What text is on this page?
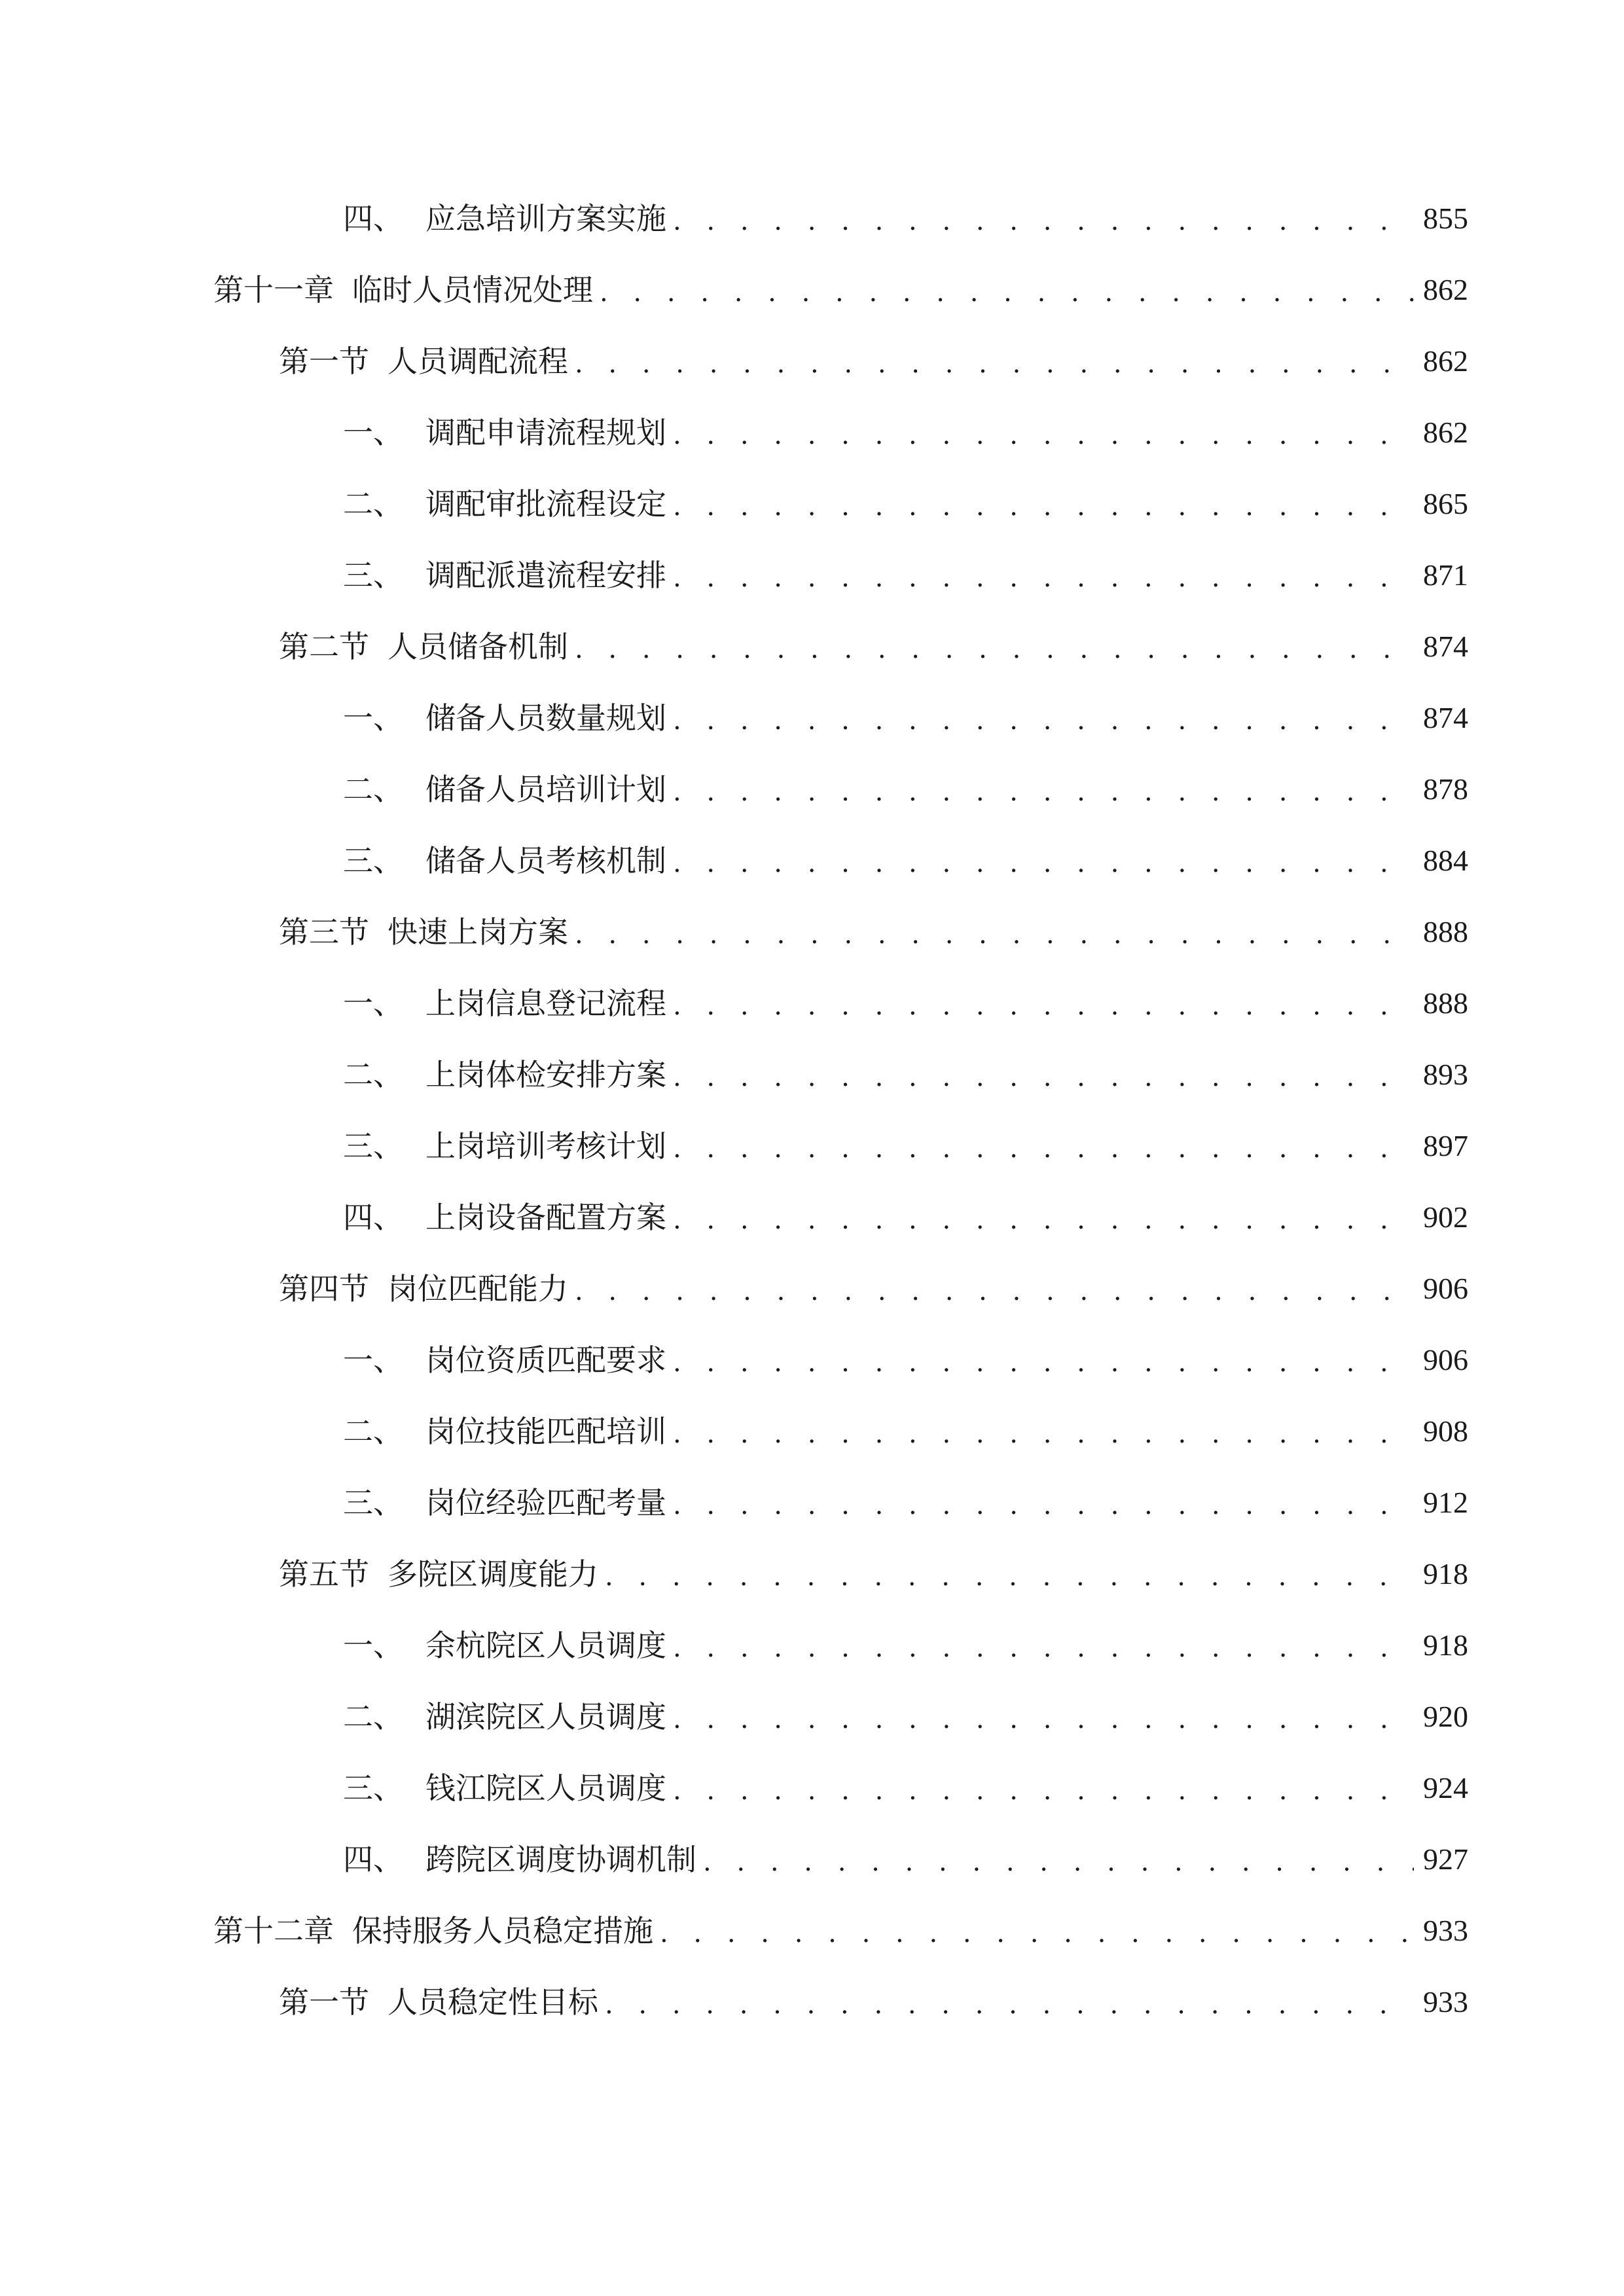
四、 应急培训方案实施 . . .	855
第十一章 临时人员情况处理 . . .	862
第一节 人员调配流程 . . .	862
一、 调配申请流程规划 . . .	862
二、 调配审批流程设定 . . .	865
三、 调配派遣流程安排 . . .	871
第二节 人员储备机制 . . .	874
一、 储备人员数量规划 . . .	874
二、 储备人员培训计划 . . .	878
三、 储备人员考核机制 . . .	884
第三节 快速上岗方案 . . .	888
一、 上岗信息登记流程 . . .	888
二、 上岗体检安排方案 . . .	893
三、 上岗培训考核计划 . . .	897
四、 上岗设备配置方案 . . .	902
第四节 岗位匹配能力 . . .	906
一、 岗位资质匹配要求 . . .	906
二、 岗位技能匹配培训 . . .	908
三、 岗位经验匹配考量 . . .	912
第五节 多院区调度能力 . . .	918
一、 余杭院区人员调度 . . .	918
二、 湖滨院区人员调度 . . .	920
三、 钱江院区人员调度 . . .	924
四、 跨院区调度协调机制 . . .	927
第十二章 保持服务人员稳定措施 . . .	933
第一节 人员稳定性目标 . . .	933
